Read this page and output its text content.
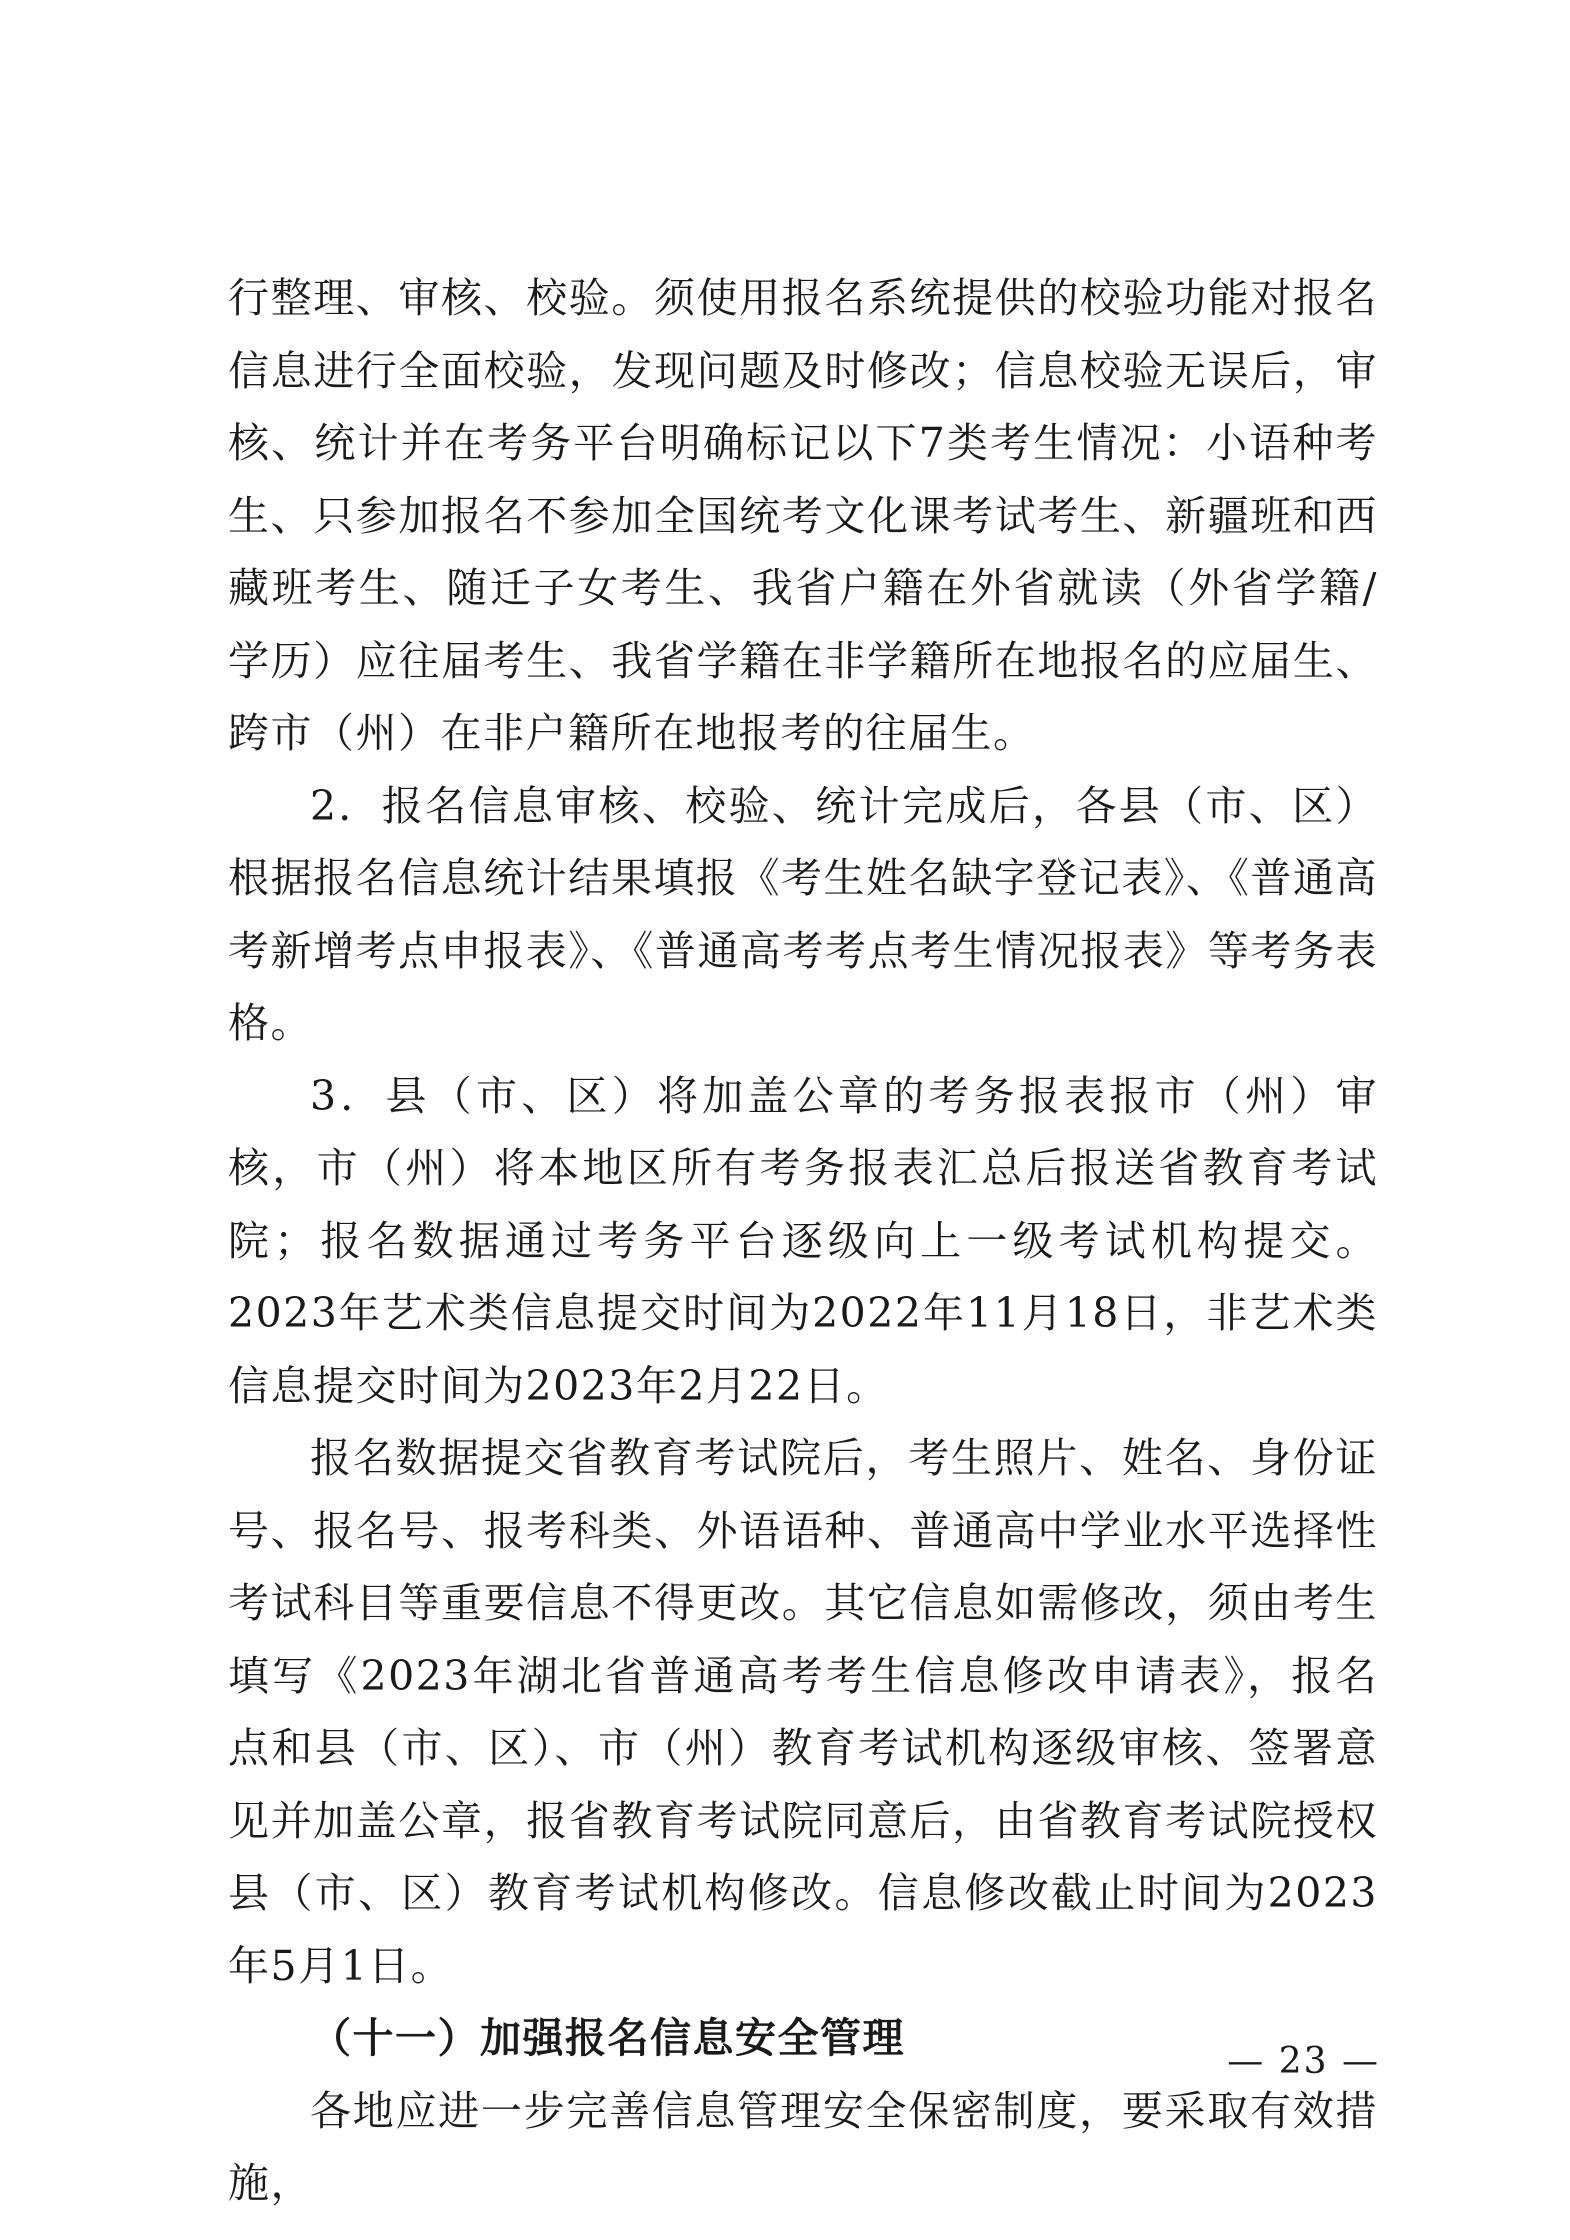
行整理、审核、校验。须使用报名系统提供的校验功能对报名信息进行全面校验，发现问题及时修改；信息校验无误后，审核、统计并在考务平台明确标记以下7类考生情况：小语种考生、只参加报名不参加全国统考文化课考试考生、新疆班和西藏班考生、随迁子女考生、我省户籍在外省就读（外省学籍/学历）应往届考生、我省学籍在非学籍所在地报名的应届生、跨市（州）在非户籍所在地报考的往届生。

2．报名信息审核、校验、统计完成后，各县（市、区）根据报名信息统计结果填报《考生姓名缺字登记表》、《普通高考新增考点申报表》、《普通高考考点考生情况报表》等考务表格。

3．县（市、区）将加盖公章的考务报表报市（州）审核，市（州）将本地区所有考务报表汇总后报送省教育考试院；报名数据通过考务平台逐级向上一级考试机构提交。2023年艺术类信息提交时间为2022年11月18日，非艺术类信息提交时间为2023年2月22日。

报名数据提交省教育考试院后，考生照片、姓名、身份证号、报名号、报考科类、外语语种、普通高中学业水平选择性考试科目等重要信息不得更改。其它信息如需修改，须由考生填写《2023年湖北省普通高考考生信息修改申请表》，报名点和县（市、区）、市（州）教育考试机构逐级审核、签署意见并加盖公章，报省教育考试院同意后，由省教育考试院授权县（市、区）教育考试机构修改。信息修改截止时间为2023年5月1日。

（十一）加强报名信息安全管理

各地应进一步完善信息管理安全保密制度，要采取有效措施，

— 23 —
